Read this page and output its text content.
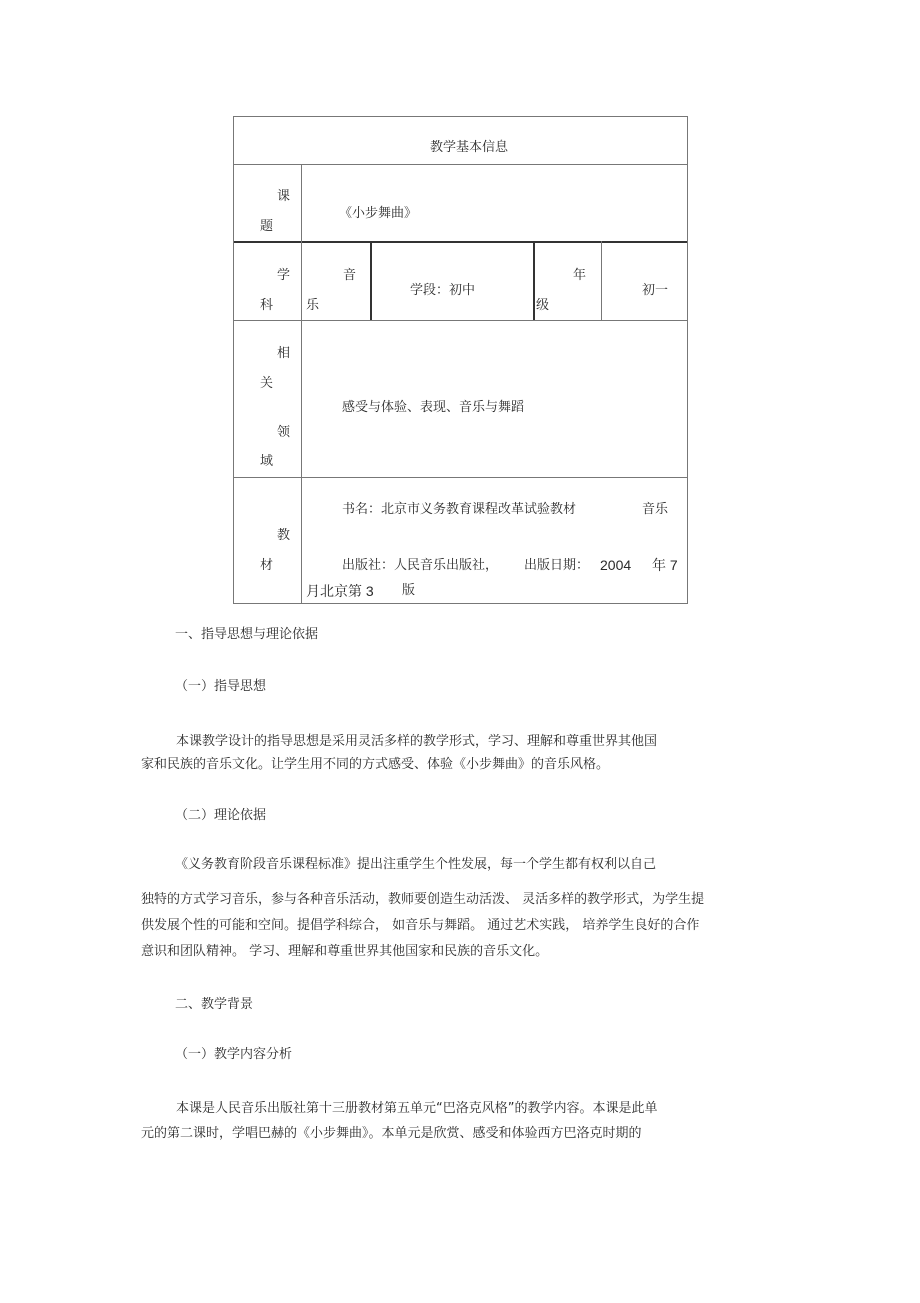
教学基本信息
课
题
《小步舞曲》
学
科
音
乐
学段：初中
年
级
初一
相
关
领
域
感受与体验、表现、音乐与舞蹈
教
材
书名：北京市义务教育课程改革试验教材	音乐
出版社：人民音乐出版社， 出版日期： 2004 年 7
月北京第 3 版
一、指导思想与理论依据
（一）指导思想
本课教学设计的指导思想是采用灵活多样的教学形式，学习、理解和尊重世界其他国
家和民族的音乐文化。让学生用不同的方式感受、体验《小步舞曲》的音乐风格。
（二）理论依据
《义务教育阶段音乐课程标准》提出注重学生个性发展，每一个学生都有权利以自己
独特的方式学习音乐，参与各种音乐活动，教师要创造生动活泼、 灵活多样的教学形式，为学生提
供发展个性的可能和空间。提倡学科综合， 如音乐与舞蹈。 通过艺术实践， 培养学生良好的合作
意识和团队精神。 学习、理解和尊重世界其他国家和民族的音乐文化。
二、教学背景
（一）教学内容分析
本课是人民音乐出版社第十三册教材第五单元“巴洛克风格”的教学内容。本课是此单
元的第二课时，学唱巴赫的《小步舞曲》。本单元是欣赏、感受和体验西方巴洛克时期的
